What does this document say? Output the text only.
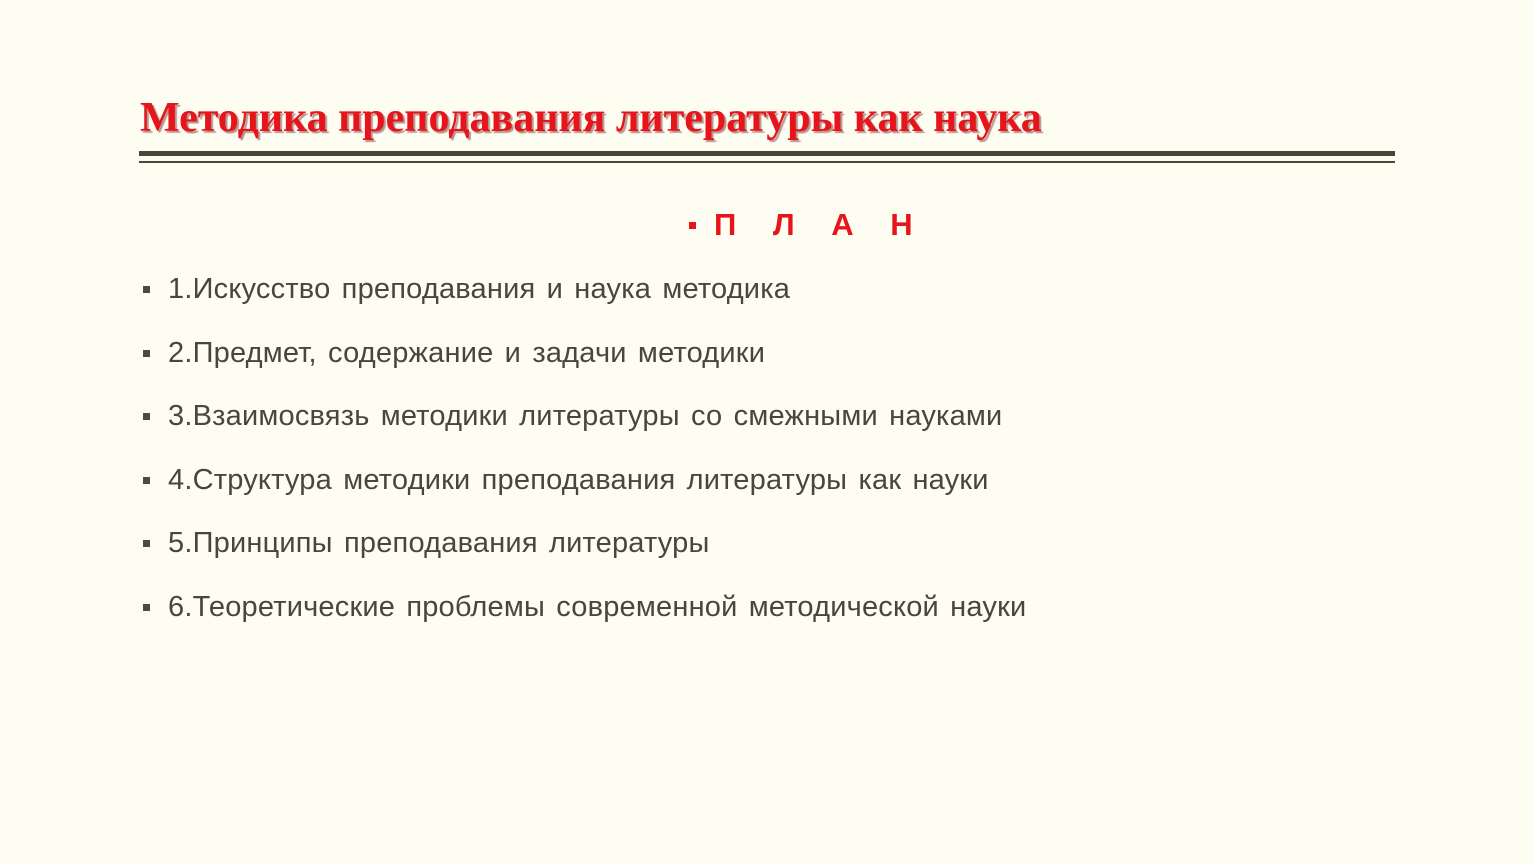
Методика преподавания литературы как наука
П Л А Н
1.Искусство преподавания и наука методика
2.Предмет, содержание и задачи методики
3.Взаимосвязь методики литературы со смежными науками
4.Структура методики преподавания литературы как науки
5.Принципы преподавания литературы
6.Теоретические проблемы современной методической науки
